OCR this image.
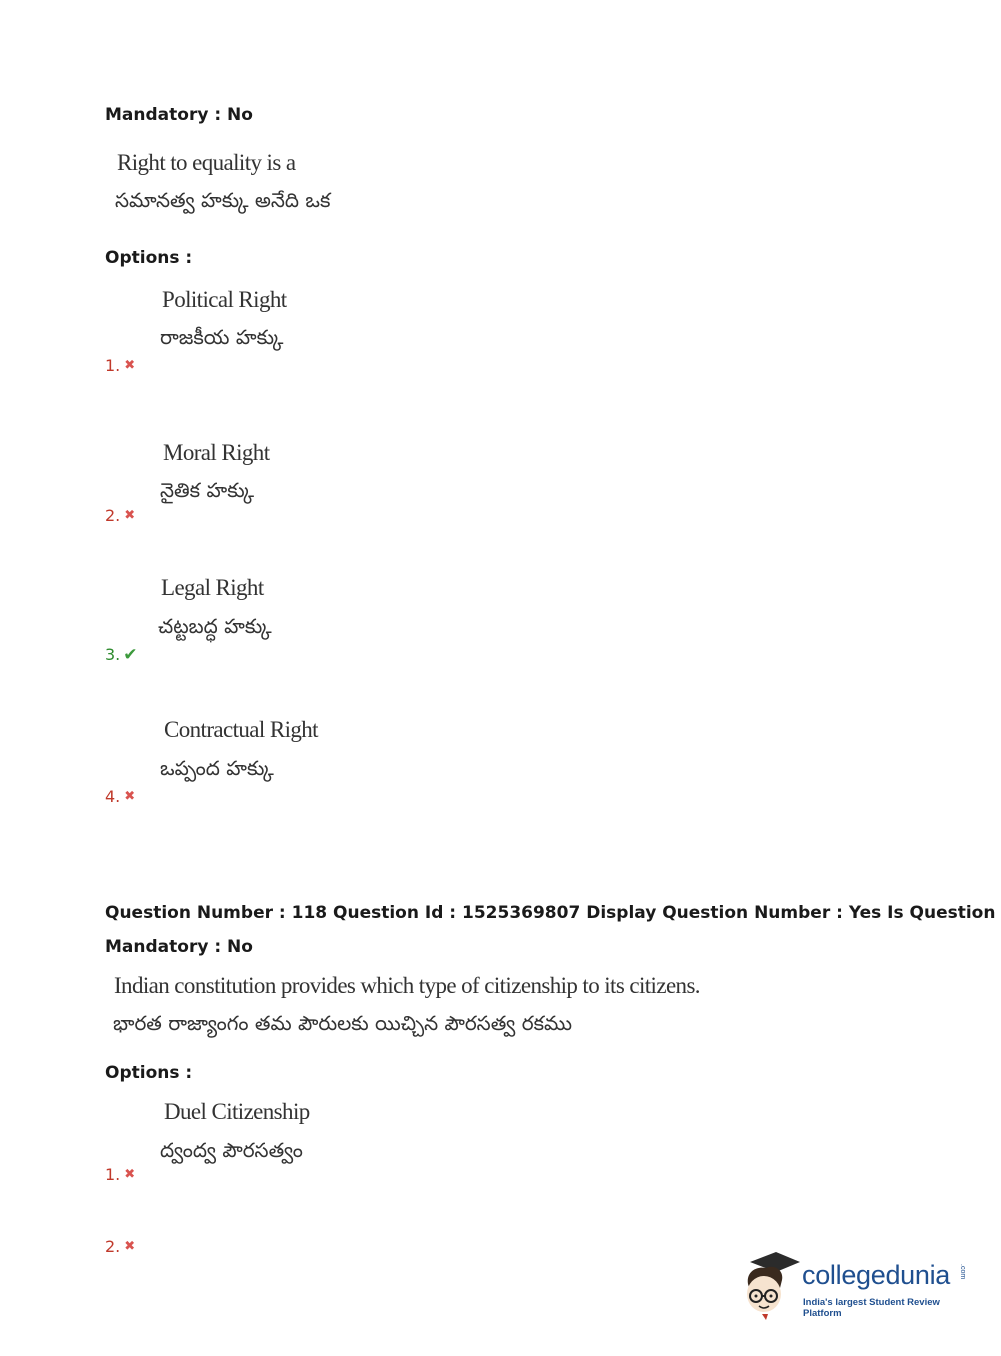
Mandatory : No
Right to equality is a
సమానత్వ హక్కు అనేది ఒక
Options :
Political Right
రాజకీయ హక్కు
1. ✖
Moral Right
నైతిక హక్కు
2. ✖
Legal Right
చట్టబద్ధ హక్కు
3. ✔
Contractual Right
ఒప్పంద హక్కు
4. ✖
Question Number : 118 Question Id : 1525369807 Display Question Number : Yes Is Question
Mandatory : No
Indian constitution provides which type of citizenship to its citizens.
భారత రాజ్యాంగం తమ పౌరులకు యిచ్చిన పౌరసత్వ రకము
Options :
Duel Citizenship
ద్వంద్వ పౌరసత్వం
1. ✖
2. ✖
collegedunia .com
India's largest Student Review Platform
